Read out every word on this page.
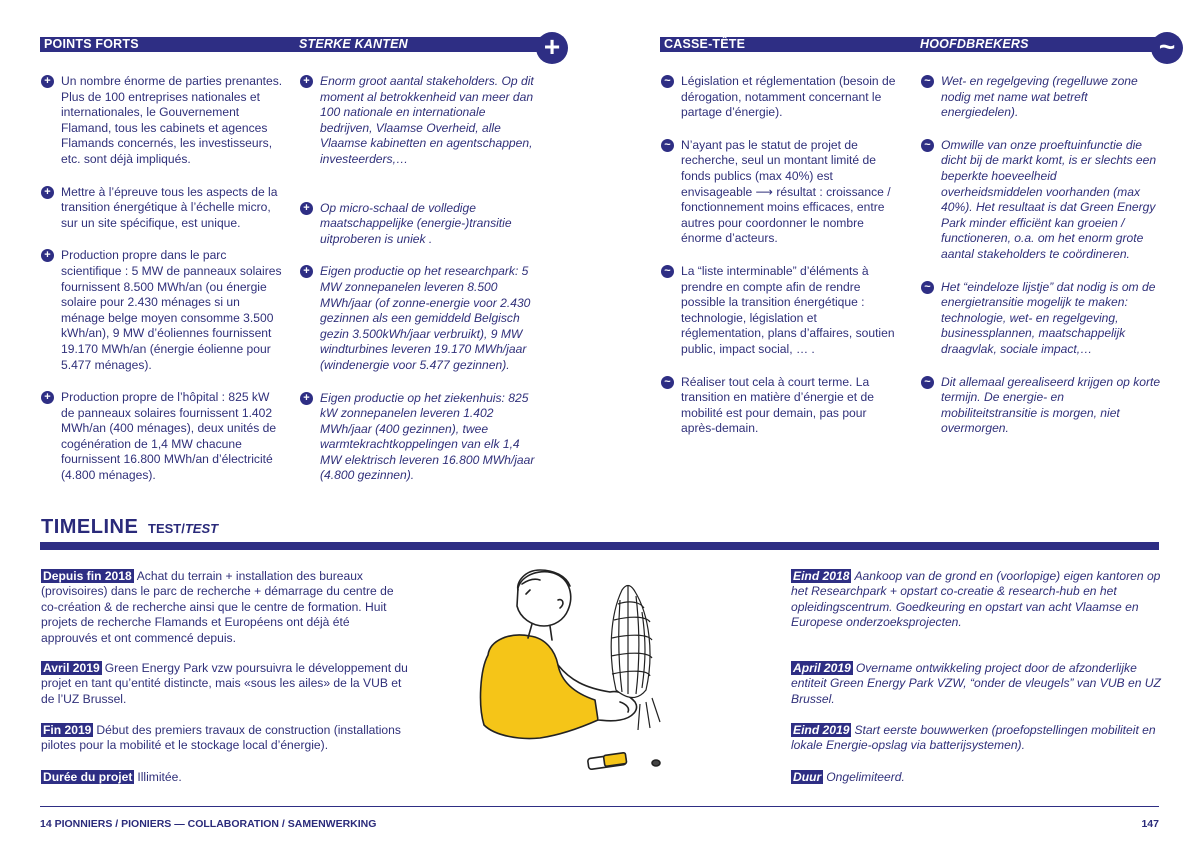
POINTS FORTS	STERKE KANTEN	+	CASSE-TÊTE	HOOFDBREKERS	~
+ Un nombre énorme de parties prenantes. Plus de 100 entreprises nationales et internationales, le Gouvernement Flamand, tous les cabinets et agences Flamands concernés, les investisseurs, etc. sont déjà impliqués.
+ Mettre à l’épreuve tous les aspects de la transition énergétique à l’échelle micro, sur un site spécifique, est unique.
+ Production propre dans le parc scientifique : 5 MW de panneaux solaires fournissent 8.500 MWh/an (ou énergie solaire pour 2.430 ménages si un ménage belge moyen consomme 3.500 kWh/an), 9 MW d’éoliennes fournissent 19.170 MWh/an (énergie éolienne pour 5.477 ménages).
+ Production propre de l’hôpital : 825 kW de panneaux solaires fournissent 1.402 MWh/an (400 ménages), deux unités de cogénération de 1,4 MW chacune fournissent 16.800 MWh/an d’électricité (4.800 ménages).
+ Enorm groot aantal stakeholders. Op dit moment al betrokkenheid van meer dan 100 nationale en internationale bedrijven, Vlaamse Overheid, alle Vlaamse kabinetten en agentschappen, investeerders,…
+ Op micro-schaal de volledige maatschappelijke (energie-)transitie uitproberen is uniek .
+ Eigen productie op het researchpark: 5 MW zonnepanelen leveren 8.500 MWh/jaar (of zonne-energie voor 2.430 gezinnen als een gemiddeld Belgisch gezin 3.500kWh/jaar verbruikt), 9 MW windturbines leveren 19.170 MWh/jaar (windenergie voor 5.477 gezinnen).
+ Eigen productie op het ziekenhuis: 825 kW zonnepanelen leveren 1.402 MWh/jaar (400 gezinnen), twee warmtekrachtkoppelingen van elk 1,4 MW elektrisch leveren 16.800 MWh/jaar (4.800 gezinnen).
~ Législation et réglementation (besoin de dérogation, notamment concernant le partage d’énergie).
~ N’ayant pas le statut de projet de recherche, seul un montant limité de fonds publics (max 40%) est envisageable ⟶ résultat : croissance / fonctionnement moins efficaces, entre autres pour coordonner le nombre énorme d’acteurs.
~ La “liste interminable” d’éléments à prendre en compte afin de rendre possible la transition énergétique : technologie, législation et réglementation, plans d’affaires, soutien public, impact social, … .
~ Réaliser tout cela à court terme. La transition en matière d’énergie et de mobilité est pour demain, pas pour après-demain.
~ Wet- en regelgeving (regelluwe zone nodig met name wat betreft energiedelen).
~ Omwille van onze proeftuinfunctie die dicht bij de markt komt, is er slechts een beperkte hoeveelheid overheidsmiddelen voorhanden (max 40%). Het resultaat is dat Green Energy Park minder efficiënt kan groeien / functioneren, o.a. om het enorm grote aantal stakeholders te coördineren.
~ Het “eindeloze lijstje” dat nodig is om de energietransitie mogelijk te maken: technologie, wet- en regelgeving, businessplannen, maatschappelijk draagvlak, sociale impact,…
~ Dit allemaal gerealiseerd krijgen op korte termijn. De energie- en mobiliteitstransitie is morgen, niet overmorgen.
TIMELINE TEST/TEST
Depuis fin 2018 Achat du terrain + installation des bureaux (provisoires) dans le parc de recherche + démarrage du centre de co-création & de recherche ainsi que le centre de formation. Huit projets de recherche Flamands et Européens ont déjà été approuvés et ont commencé depuis.
Avril 2019 Green Energy Park vzw poursuivra le développement du projet en tant qu’entité distincte, mais «sous les ailes» de la VUB et de l’UZ Brussel.
Fin 2019 Début des premiers travaux de construction (installations pilotes pour la mobilité et le stockage local d’énergie).
Durée du projet Illimitée.
Eind 2018 Aankoop van de grond en (voorlopige) eigen kantoren op het Researchpark + opstart co-creatie & research-hub en het opleidingscentrum. Goedkeuring en opstart van acht Vlaamse en Europese onderzoeksprojecten.
April 2019 Overname ontwikkeling project door de afzonderlijke entiteit Green Energy Park VZW, “onder de vleugels” van VUB en UZ Brussel.
Eind 2019 Start eerste bouwwerken (proefopstellingen mobiliteit en lokale Energie-opslag via batterijsystemen).
Duur Ongelimiteerd.
14 PIONNIERS / PIONIERS — COLLABORATION / SAMENWERKING	147
